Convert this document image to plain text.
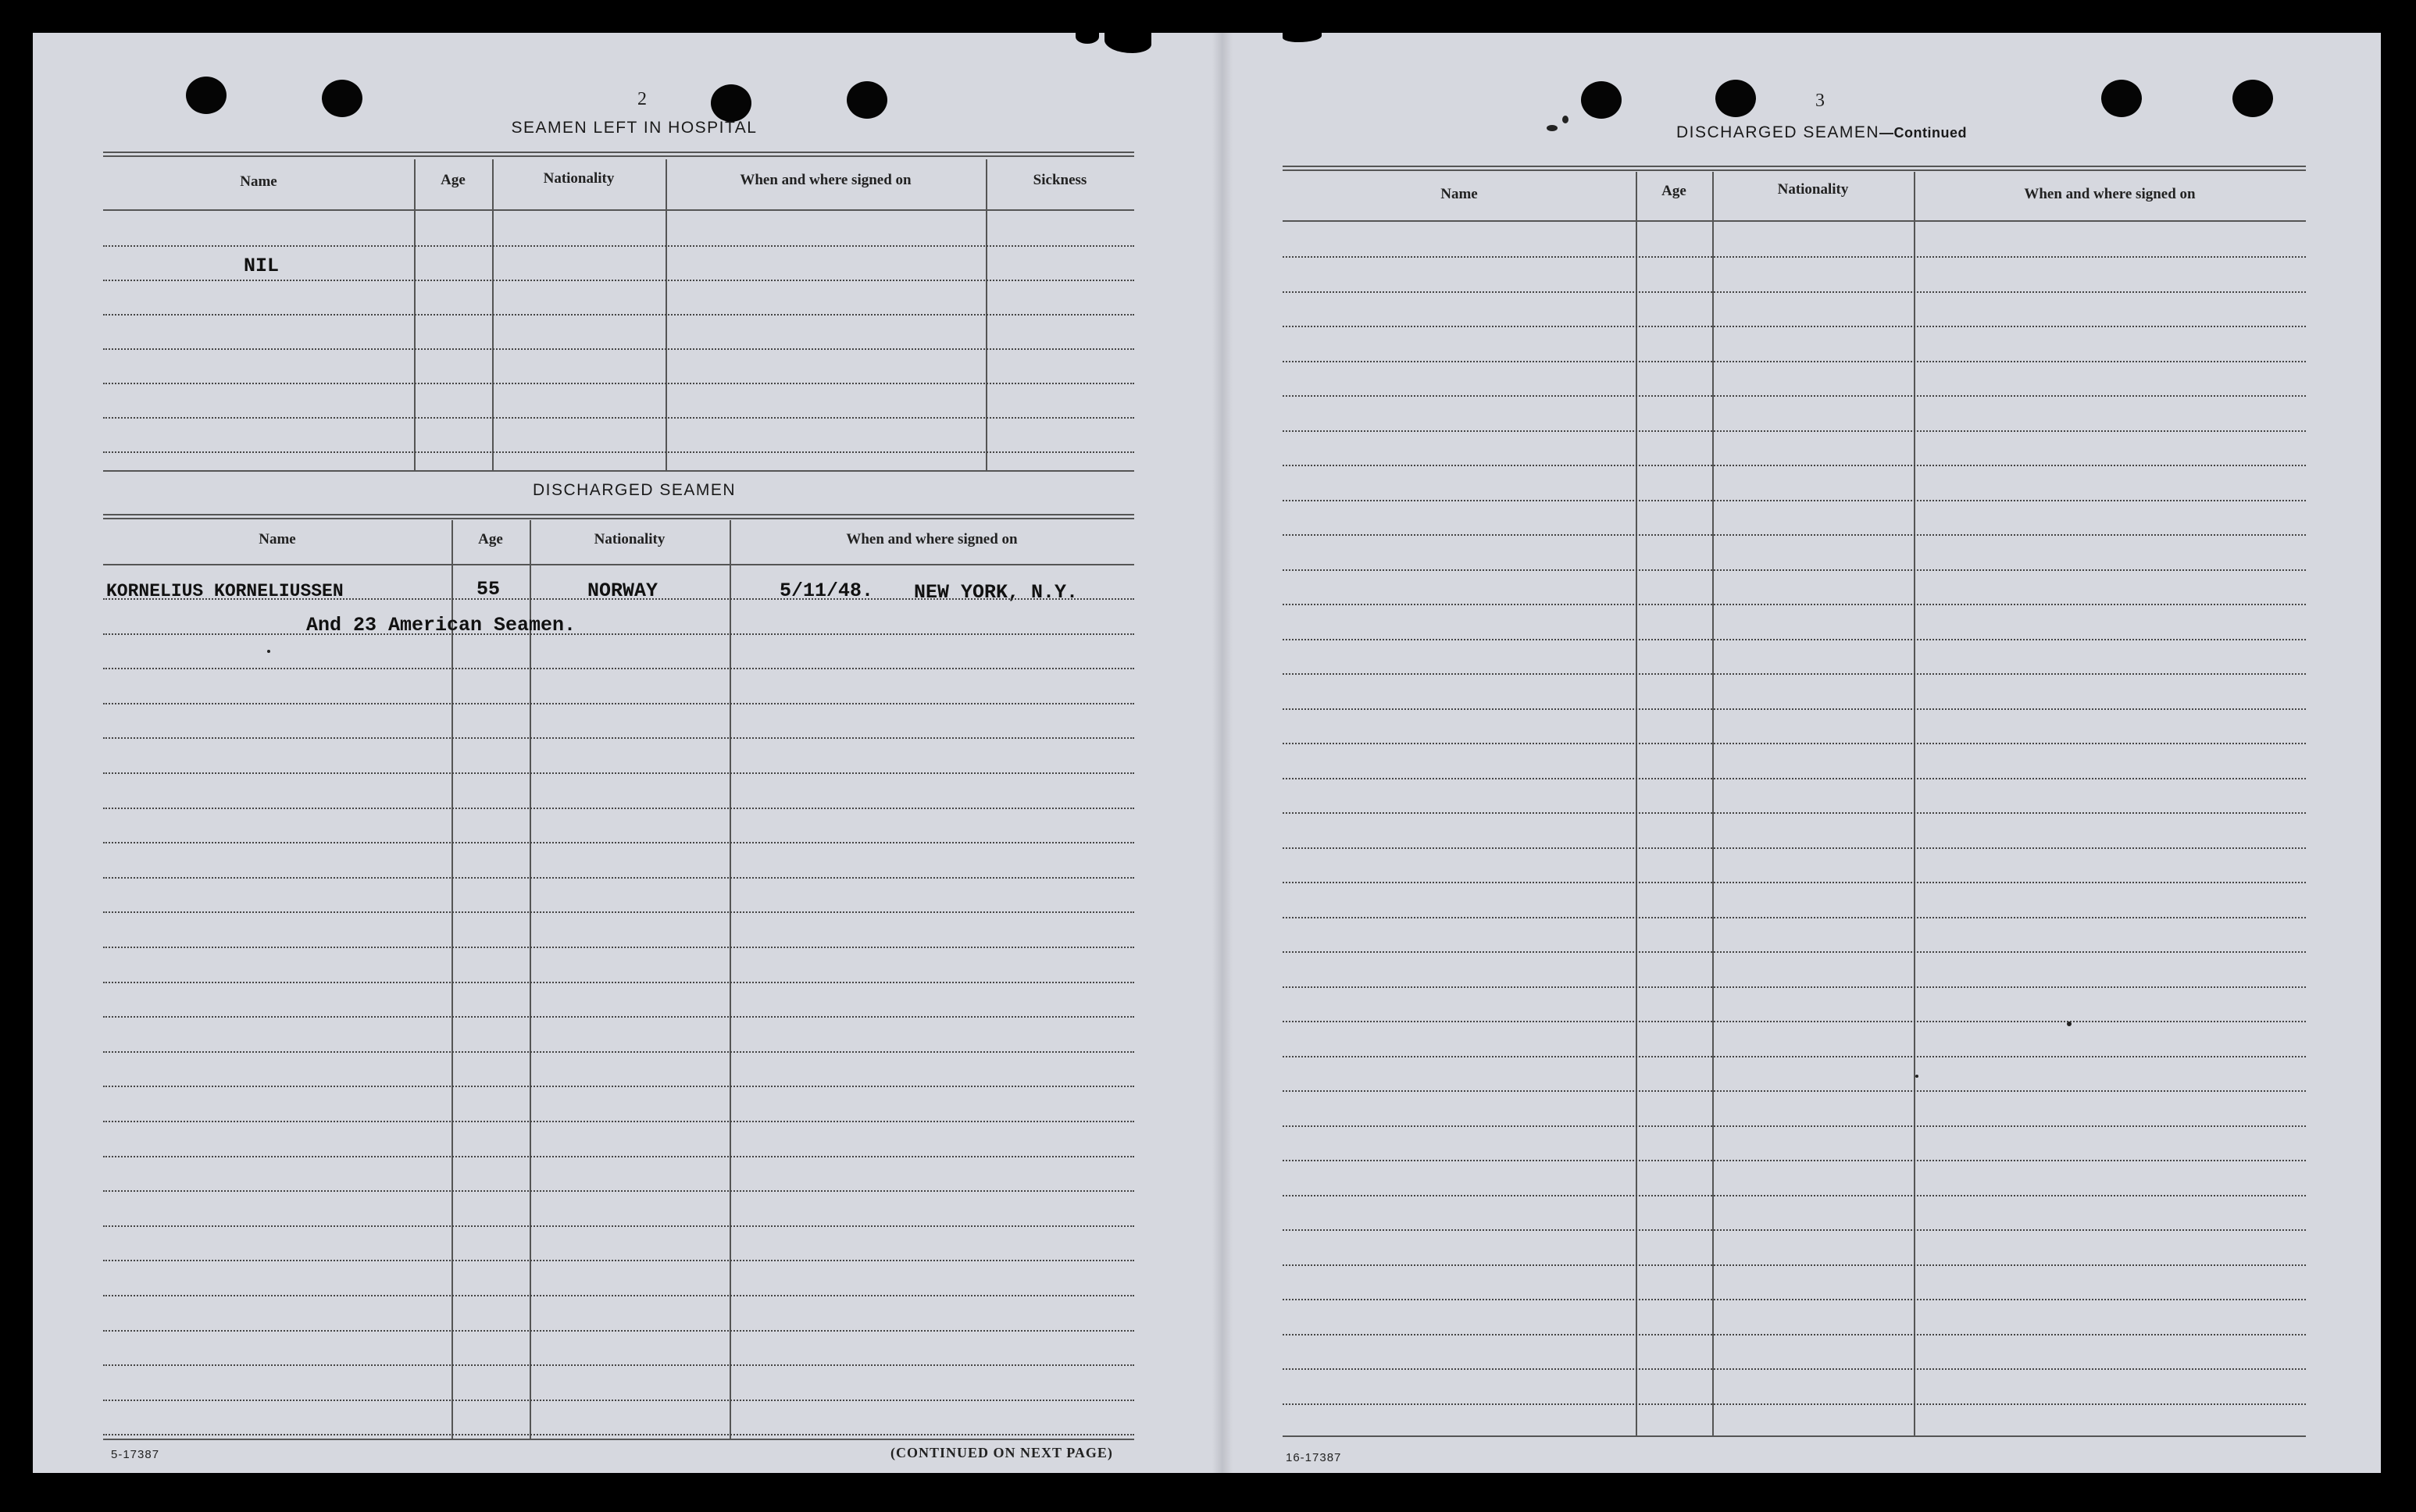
2
SEAMEN LEFT IN HOSPITAL
Name	Age	Nationality	When and where signed on	Sickness
NIL
DISCHARGED SEAMEN
Name	Age	Nationality	When and where signed on
KORNELIUS KORNELIUSSEN	55	NORWAY	5/11/48. NEW YORK, N.Y.
And 23 American Seamen.
5-17387	(CONTINUED ON NEXT PAGE)
3
DISCHARGED SEAMEN—Continued
Name	Age	Nationality	When and where signed on
16-17387
